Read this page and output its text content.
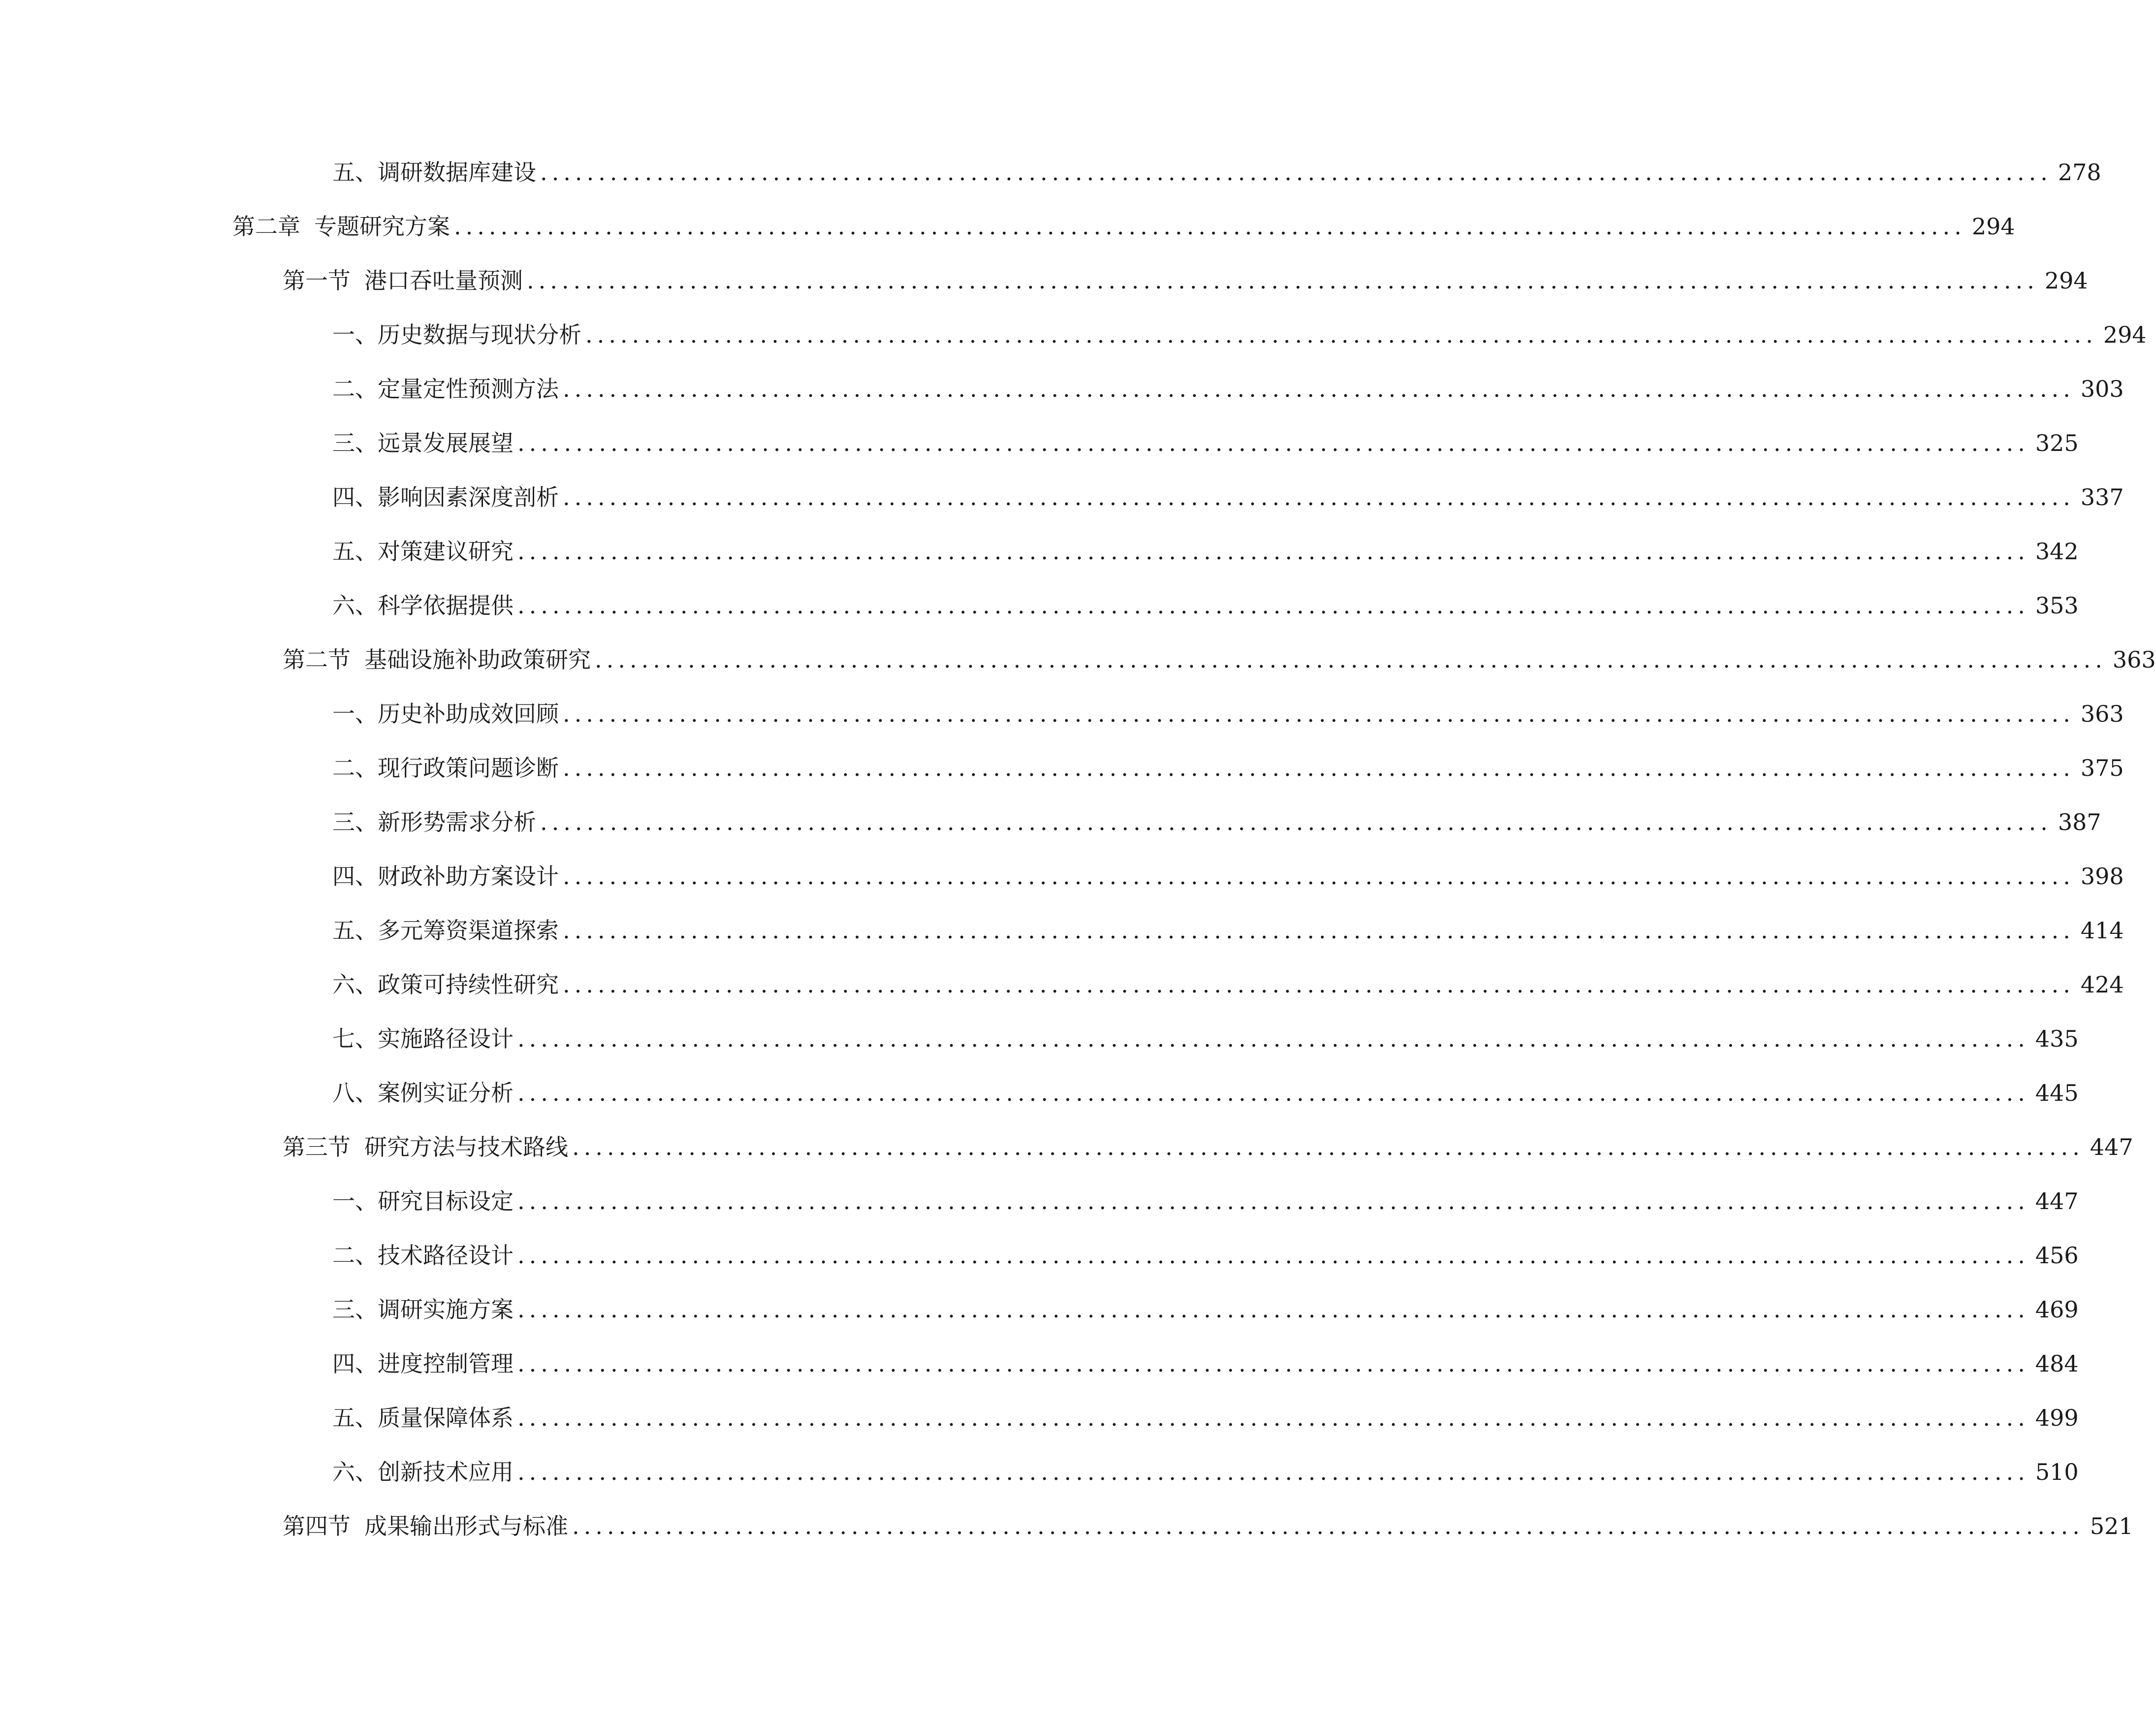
五、 调研数据库建设 .................................................................................................................................. 278
第二章 专题研究方案 .................................................................................................................................. 294
第一节 港口吞吐量预测 .................................................................................................................................. 294
一、 历史数据与现状分析 .................................................................................................................................. 294
二、 定量定性预测方法 .................................................................................................................................. 303
三、 远景发展展望 .................................................................................................................................. 325
四、 影响因素深度剖析 .................................................................................................................................. 337
五、 对策建议研究 .................................................................................................................................. 342
六、 科学依据提供 .................................................................................................................................. 353
第二节 基础设施补助政策研究 .................................................................................................................................. 363
一、 历史补助成效回顾 .................................................................................................................................. 363
二、 现行政策问题诊断 .................................................................................................................................. 375
三、 新形势需求分析 .................................................................................................................................. 387
四、 财政补助方案设计 .................................................................................................................................. 398
五、 多元筹资渠道探索 .................................................................................................................................. 414
六、 政策可持续性研究 .................................................................................................................................. 424
七、 实施路径设计 .................................................................................................................................. 435
八、 案例实证分析 .................................................................................................................................. 445
第三节 研究方法与技术路线 .................................................................................................................................. 447
一、 研究目标设定 .................................................................................................................................. 447
二、 技术路径设计 .................................................................................................................................. 456
三、 调研实施方案 .................................................................................................................................. 469
四、 进度控制管理 .................................................................................................................................. 484
五、 质量保障体系 .................................................................................................................................. 499
六、 创新技术应用 .................................................................................................................................. 510
第四节 成果输出形式与标准 .................................................................................................................................. 521
